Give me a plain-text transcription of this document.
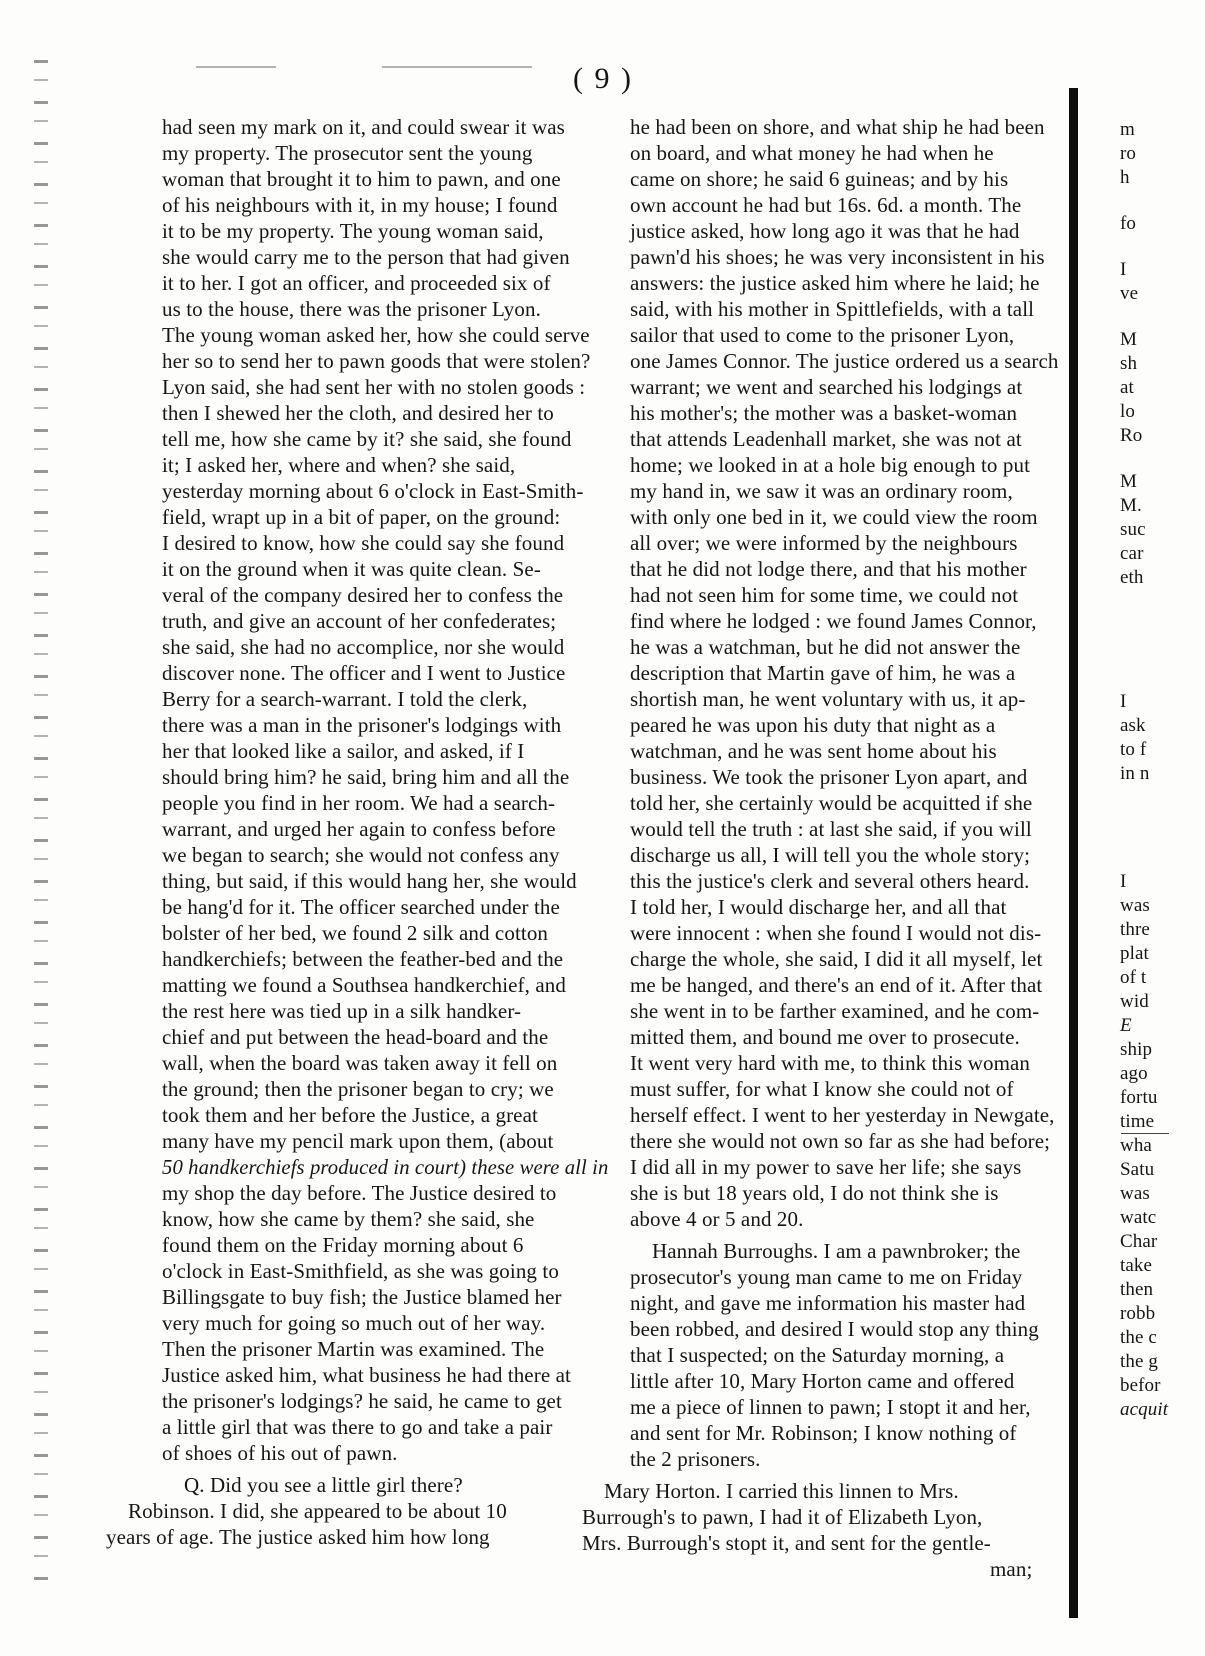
( 9 )
had seen my mark on it, and could swear it was
my property. The prosecutor sent the young
woman that brought it to him to pawn, and one
of his neighbours with it, in my house; I found
it to be my property. The young woman said,
she would carry me to the person that had given
it to her. I got an officer, and proceeded six of
us to the house, there was the prisoner Lyon.
The young woman asked her, how she could serve
her so to send her to pawn goods that were stolen?
Lyon said, she had sent her with no stolen goods :
then I shewed her the cloth, and desired her to
tell me, how she came by it? she said, she found
it; I asked her, where and when? she said,
yesterday morning about 6 o'clock in East-Smith-
field, wrapt up in a bit of paper, on the ground:
I desired to know, how she could say she found
it on the ground when it was quite clean. Se-
veral of the company desired her to confess the
truth, and give an account of her confederates;
she said, she had no accomplice, nor she would
discover none. The officer and I went to Justice
Berry for a search-warrant. I told the clerk,
there was a man in the prisoner's lodgings with
her that looked like a sailor, and asked, if I
should bring him? he said, bring him and all the
people you find in her room. We had a search-
warrant, and urged her again to confess before
we began to search; she would not confess any
thing, but said, if this would hang her, she would
be hang'd for it. The officer searched under the
bolster of her bed, we found 2 silk and cotton
handkerchiefs; between the feather-bed and the
matting we found a Southsea handkerchief, and
the rest here was tied up in a silk handker-
chief and put between the head-board and the
wall, when the board was taken away it fell on
the ground; then the prisoner began to cry; we
took them and her before the Justice, a great
many have my pencil mark upon them, (about
50 handkerchiefs produced in court) these were all in
my shop the day before. The Justice desired to
know, how she came by them? she said, she
found them on the Friday morning about 6
o'clock in East-Smithfield, as she was going to
Billingsgate to buy fish; the Justice blamed her
very much for going so much out of her way.
Then the prisoner Martin was examined. The
Justice asked him, what business he had there at
the prisoner's lodgings? he said, he came to get
a little girl that was there to go and take a pair
of shoes of his out of pawn.
Q. Did you see a little girl there?
Robinson. I did, she appeared to be about 10
years of age. The justice asked him how long
he had been on shore, and what ship he had been
on board, and what money he had when he
came on shore; he said 6 guineas; and by his
own account he had but 16s. 6d. a month. The
justice asked, how long ago it was that he had
pawn'd his shoes; he was very inconsistent in his
answers: the justice asked him where he laid; he
said, with his mother in Spittlefields, with a tall
sailor that used to come to the prisoner Lyon,
one James Connor. The justice ordered us a search
warrant; we went and searched his lodgings at
his mother's; the mother was a basket-woman
that attends Leadenhall market, she was not at
home; we looked in at a hole big enough to put
my hand in, we saw it was an ordinary room,
with only one bed in it, we could view the room
all over; we were informed by the neighbours
that he did not lodge there, and that his mother
had not seen him for some time, we could not
find where he lodged : we found James Connor,
he was a watchman, but he did not answer the
description that Martin gave of him, he was a
shortish man, he went voluntary with us, it ap-
peared he was upon his duty that night as a
watchman, and he was sent home about his
business. We took the prisoner Lyon apart, and
told her, she certainly would be acquitted if she
would tell the truth : at last she said, if you will
discharge us all, I will tell you the whole story;
this the justice's clerk and several others heard.
I told her, I would discharge her, and all that
were innocent : when she found I would not dis-
charge the whole, she said, I did it all myself, let
me be hanged, and there's an end of it. After that
she went in to be farther examined, and he com-
mitted them, and bound me over to prosecute.
It went very hard with me, to think this woman
must suffer, for what I know she could not of
herself effect. I went to her yesterday in Newgate,
there she would not own so far as she had before;
I did all in my power to save her life; she says
she is but 18 years old, I do not think she is
above 4 or 5 and 20.
Hannah Burroughs. I am a pawnbroker; the
prosecutor's young man came to me on Friday
night, and gave me information his master had
been robbed, and desired I would stop any thing
that I suspected; on the Saturday morning, a
little after 10, Mary Horton came and offered
me a piece of linnen to pawn; I stopt it and her,
and sent for Mr. Robinson; I know nothing of
the 2 prisoners.
Mary Horton. I carried this linnen to Mrs.
Burrough's to pawn, I had it of Elizabeth Lyon,
Mrs. Burrough's stopt it, and sent for the gentle-
man;
m
ro
h
fo
I
ve
M
sh
at
lo
Ro
M
M.
suc
car
eth
I
ask
to f
in n
I
was
thre
plat
of t
wid
E
ship
ago
fortu
time
wha
Satu
was
watc
Char
take
then
robb
the c
the g
befor
acquit
